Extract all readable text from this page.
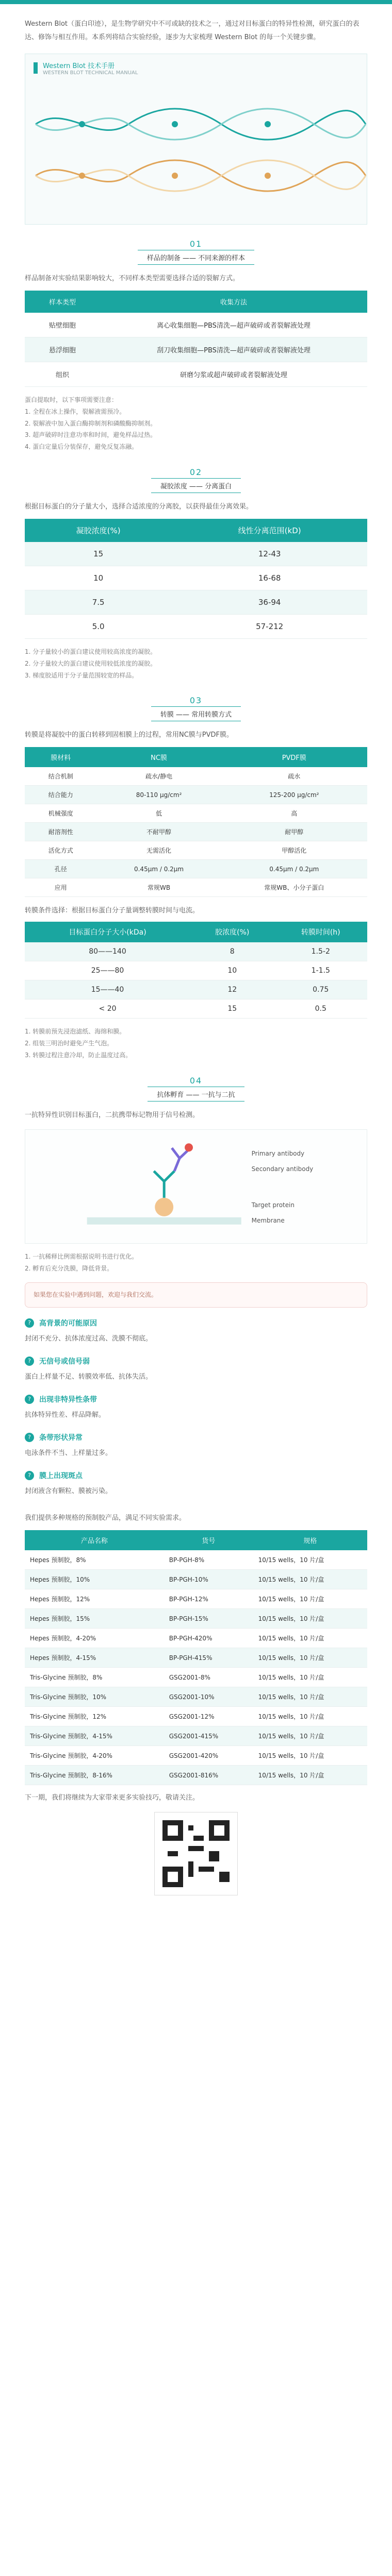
Western Blot（蛋白印迹），是生物学研究中不可或缺的技术之一，通过对目标蛋白的特异性检测，研究蛋白的表达、修饰与相互作用。本系列将结合实验经验，逐步为大家梳理 Western Blot 的每一个关键步骤。
Western Blot 技术手册
WESTERN BLOT TECHNICAL MANUAL
01
样品的制备 —— 不同来源的样本
样品制备对实验结果影响较大，不同样本类型需要选择合适的裂解方式。
样本类型	收集方法
贴壁细胞	离心收集细胞—PBS清洗—超声破碎或者裂解液处理
悬浮细胞	刮刀收集细胞—PBS清洗—超声破碎或者裂解液处理
组织	研磨匀浆或超声破碎或者裂解液处理
蛋白提取时，以下事项需要注意：
1. 全程在冰上操作，裂解液需预冷。
2. 裂解液中加入蛋白酶抑制剂和磷酸酶抑制剂。
3. 超声破碎时注意功率和时间，避免样品过热。
4. 蛋白定量后分装保存，避免反复冻融。
02
凝胶浓度 —— 分离蛋白
根据目标蛋白的分子量大小，选择合适浓度的分离胶，以获得最佳分离效果。
凝胶浓度(%)	线性分离范围(kD)
15	12-43
10	16-68
7.5	36-94
5.0	57-212
1. 分子量较小的蛋白建议使用较高浓度的凝胶。
2. 分子量较大的蛋白建议使用较低浓度的凝胶。
3. 梯度胶适用于分子量范围较宽的样品。
03
转膜 —— 常用转膜方式
转膜是将凝胶中的蛋白转移到固相膜上的过程，常用NC膜与PVDF膜。
膜材料	NC膜	PVDF膜
结合机制	疏水/静电	疏水
结合能力	80-110 μg/cm²	125-200 μg/cm²
机械强度	低	高
耐溶剂性	不耐甲醇	耐甲醇
活化方式	无需活化	甲醇活化
孔径	0.45μm / 0.2μm	0.45μm / 0.2μm
应用	常规WB	常规WB、小分子蛋白
转膜条件选择：根据目标蛋白分子量调整转膜时间与电流。
目标蛋白分子大小(kDa)	胶浓度(%)	转膜时间(h)
80——140	8	1.5-2
25——80	10	1-1.5
15——40	12	0.75
< 20	15	0.5
1. 转膜前预先浸泡滤纸、海绵和膜。
2. 组装三明治时避免产生气泡。
3. 转膜过程注意冷却，防止温度过高。
04
抗体孵育 —— 一抗与二抗
一抗特异性识别目标蛋白，二抗携带标记物用于信号检测。
Primary antibody
Secondary antibody
Target protein
Membrane
1. 一抗稀释比例需根据说明书进行优化。
2. 孵育后充分洗膜，降低背景。
如果您在实验中遇到问题，欢迎与我们交流。
?	高背景的可能原因
封闭不充分、抗体浓度过高、洗膜不彻底。
?	无信号或信号弱
蛋白上样量不足、转膜效率低、抗体失活。
?	出现非特异性条带
抗体特异性差、样品降解。
?	条带形状异常
电泳条件不当、上样量过多。
?	膜上出现斑点
封闭液含有颗粒、膜被污染。
我们提供多种规格的预制胶产品，满足不同实验需求。
产品名称	货号	规格
Hepes 预制胶，8%	BP-PGH-8%	10/15 wells，10 片/盒
Hepes 预制胶，10%	BP-PGH-10%	10/15 wells，10 片/盒
Hepes 预制胶，12%	BP-PGH-12%	10/15 wells，10 片/盒
Hepes 预制胶，15%	BP-PGH-15%	10/15 wells，10 片/盒
Hepes 预制胶，4-20%	BP-PGH-420%	10/15 wells，10 片/盒
Hepes 预制胶，4-15%	BP-PGH-415%	10/15 wells，10 片/盒
Tris-Glycine 预制胶，8%	GSG2001-8%	10/15 wells，10 片/盒
Tris-Glycine 预制胶，10%	GSG2001-10%	10/15 wells，10 片/盒
Tris-Glycine 预制胶，12%	GSG2001-12%	10/15 wells，10 片/盒
Tris-Glycine 预制胶，4-15%	GSG2001-415%	10/15 wells，10 片/盒
Tris-Glycine 预制胶，4-20%	GSG2001-420%	10/15 wells，10 片/盒
Tris-Glycine 预制胶，8-16%	GSG2001-816%	10/15 wells，10 片/盒
下一期，我们将继续为大家带来更多实验技巧，敬请关注。
